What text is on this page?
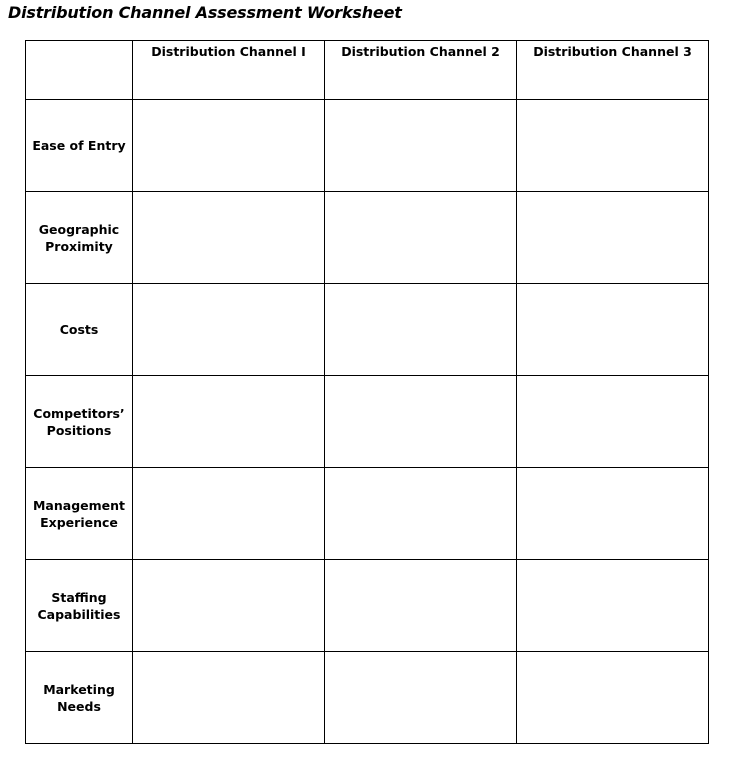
Distribution Channel Assessment Worksheet
	Distribution Channel I	Distribution Channel 2	Distribution Channel 3

Ease of Entry			

Geographic
Proximity			

Costs			

Competitors’
Positions			

Management
Experience			

Staffing
Capabilities			

Marketing
Needs			
